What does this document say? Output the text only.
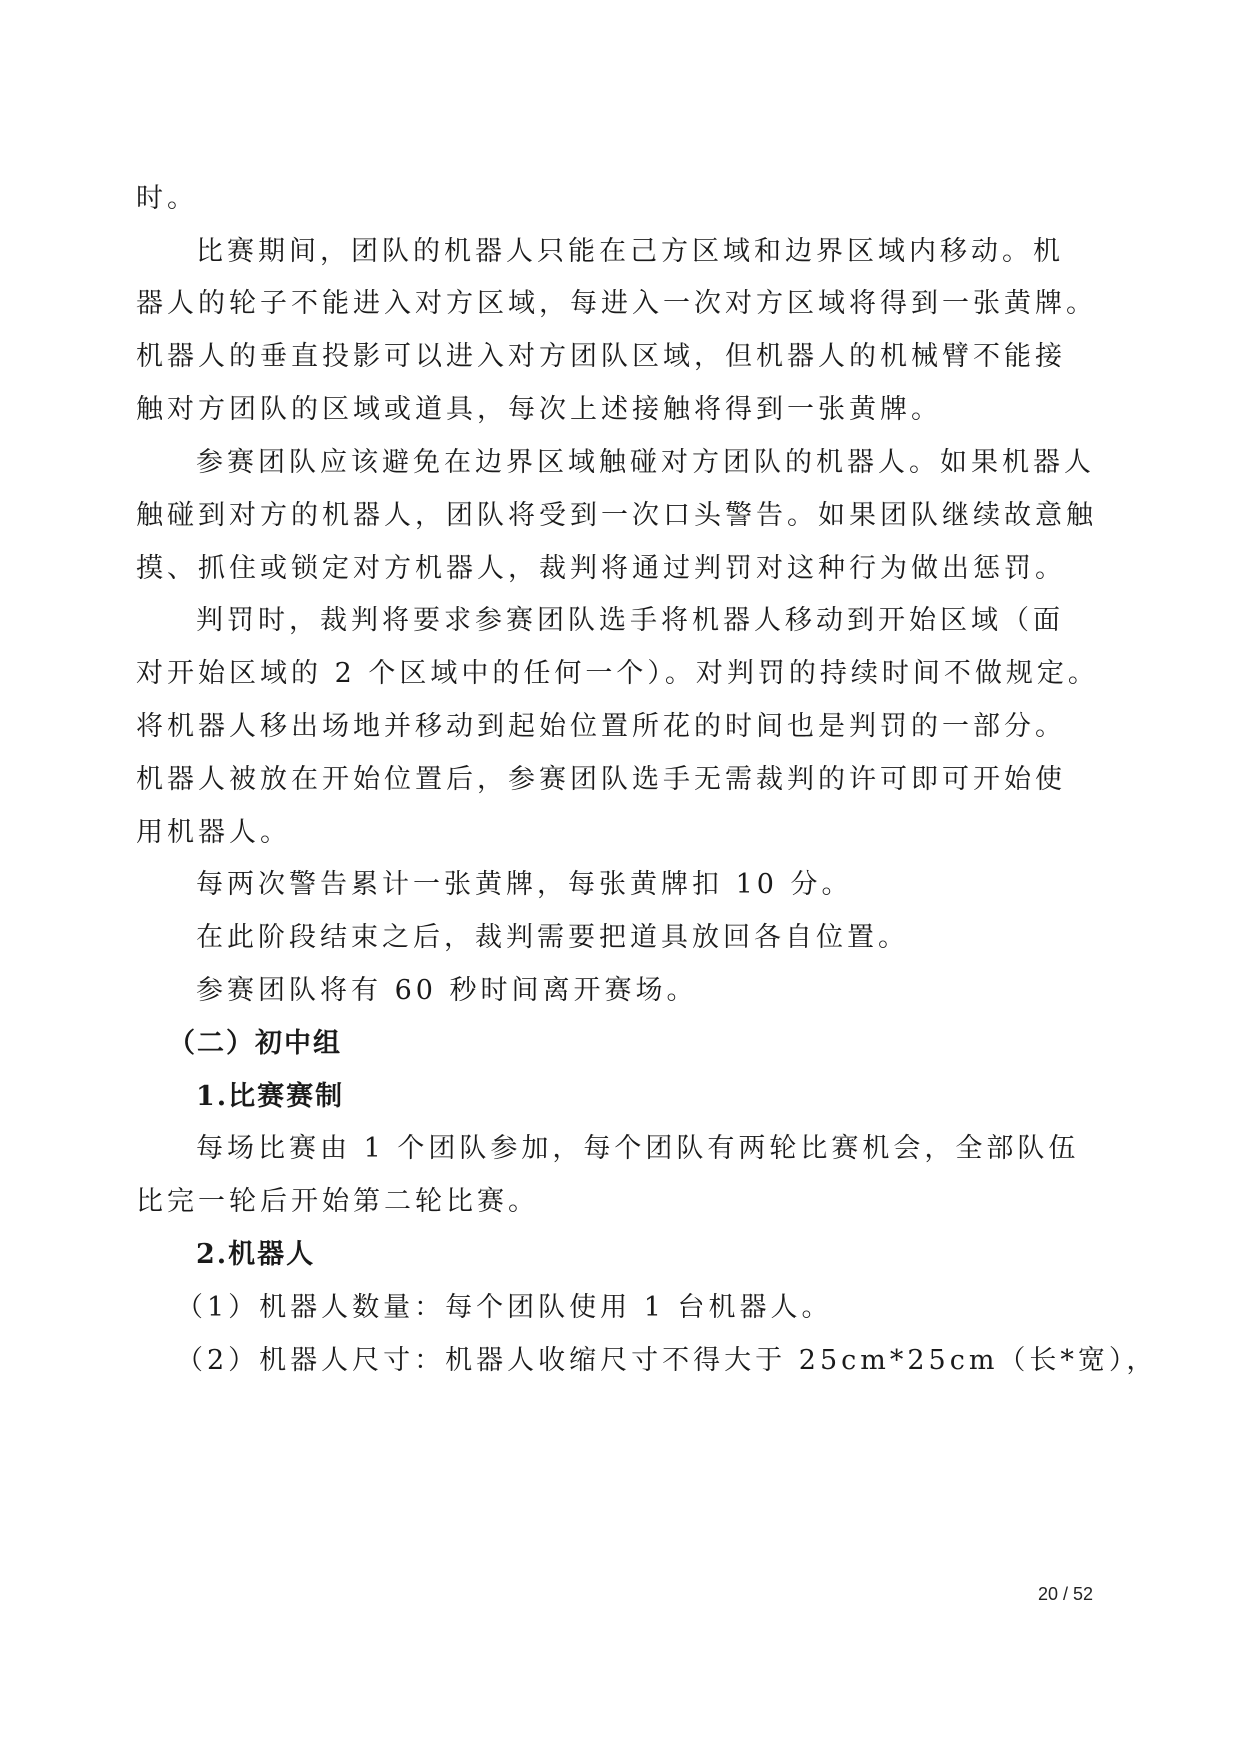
时。
比赛期间，团队的机器人只能在己方区域和边界区域内移动。机
器人的轮子不能进入对方区域，每进入一次对方区域将得到一张黄牌。
机器人的垂直投影可以进入对方团队区域，但机器人的机械臂不能接
触对方团队的区域或道具，每次上述接触将得到一张黄牌。
参赛团队应该避免在边界区域触碰对方团队的机器人。如果机器人
触碰到对方的机器人，团队将受到一次口头警告。如果团队继续故意触
摸、抓住或锁定对方机器人，裁判将通过判罚对这种行为做出惩罚。
判罚时，裁判将要求参赛团队选手将机器人移动到开始区域（面
对开始区域的 2 个区域中的任何一个）。对判罚的持续时间不做规定。
将机器人移出场地并移动到起始位置所花的时间也是判罚的一部分。
机器人被放在开始位置后，参赛团队选手无需裁判的许可即可开始使
用机器人。
每两次警告累计一张黄牌，每张黄牌扣 10 分。
在此阶段结束之后，裁判需要把道具放回各自位置。
参赛团队将有 60 秒时间离开赛场。
（二）初中组
1.比赛赛制
每场比赛由 1 个团队参加，每个团队有两轮比赛机会，全部队伍
比完一轮后开始第二轮比赛。
2.机器人
（1）机器人数量：每个团队使用 1 台机器人。
（2）机器人尺寸：机器人收缩尺寸不得大于 25cm*25cm（长*宽），
20 / 52
